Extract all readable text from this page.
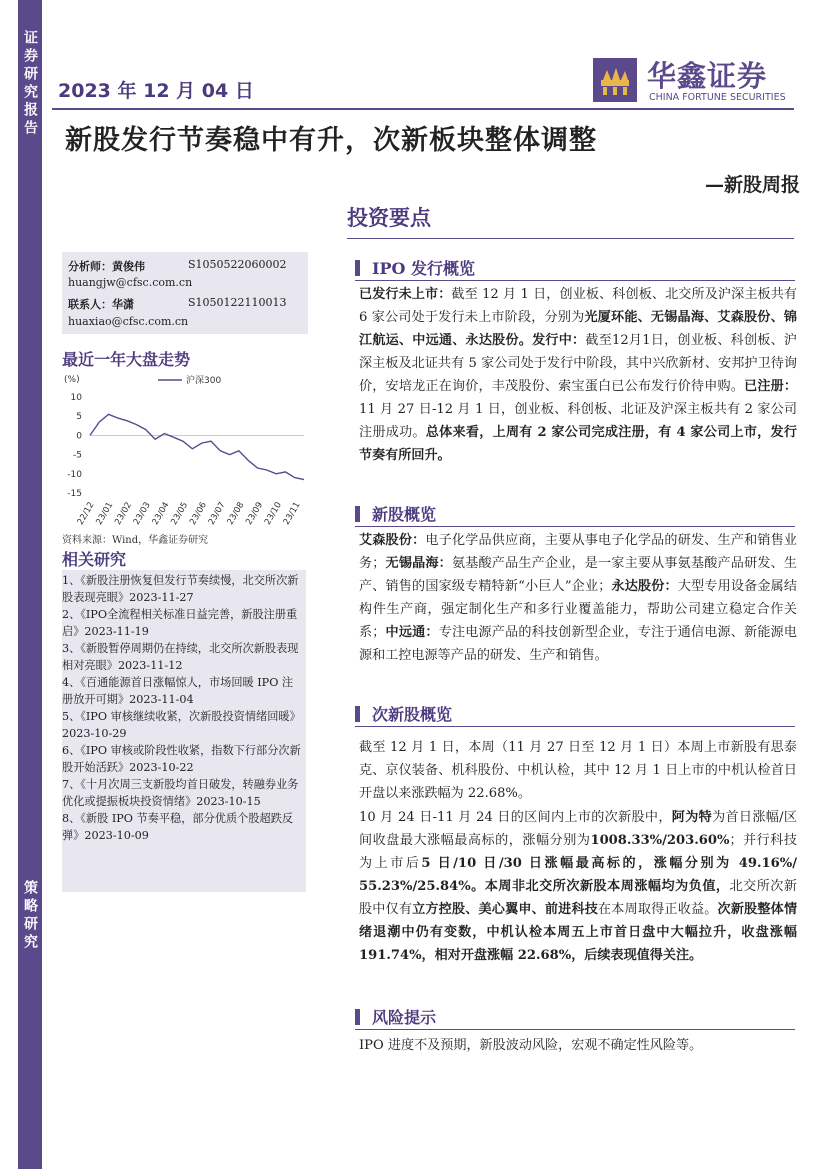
证券研究报告
策略研究
2023 年 12 月 04 日	华鑫证券
CHINA FORTUNE SECURITIES
新股发行节奏稳中有升，次新板块整体调整
—新股周报
投资要点
分析师：黄俊伟	S1050522060002
huangjw@cfsc.com.cn
联系人：华潇	S1050122110013
huaxiao@cfsc.com.cn
最近一年大盘走势
(%)	沪深300
10
5
0
-5
-10
-15
22/12
23/01
23/02
23/03
23/04
23/05
23/06
23/07
23/08
23/09
23/10
23/11
资料来源：Wind，华鑫证券研究
相关研究
1、《新股注册恢复但发行节奏续慢，北交所次新股表现亮眼》2023-11-27
2、《IPO全流程相关标准日益完善，新股注册重启》2023-11-19
3、《新股暂停周期仍在持续，北交所次新股表现相对亮眼》2023-11-12
4、《百通能源首日涨幅惊人，市场回暖 IPO 注册放开可期》2023-11-04
5、《IPO 审核继续收紧，次新股投资情绪回暖》2023-10-29
6、《IPO 审核或阶段性收紧，指数下行部分次新股开始活跃》2023-10-22
7、《十月次周三支新股均首日破发，转融券业务优化或提振板块投资情绪》2023-10-15
8、《新股 IPO 节奏平稳，部分优质个股超跌反弹》2023-10-09
IPO 发行概览
已发行未上市：截至 12 月 1 日，创业板、科创板、北交所及沪深主板共有 6 家公司处于发行未上市阶段，分别为光厦环能、无锡晶海、艾森股份、锦江航运、中远通、永达股份。发行中：截至12月1日，创业板、科创板、沪深主板及北证共有 5 家公司处于发行中阶段，其中兴欣新材、安邦护卫待询价，安培龙正在询价，丰茂股份、索宝蛋白已公布发行价待申购。已注册：11 月 27 日-12 月 1 日，创业板、科创板、北证及沪深主板共有 2 家公司注册成功。总体来看，上周有 2 家公司完成注册，有 4 家公司上市，发行节奏有所回升。
新股概览
艾森股份：电子化学品供应商，主要从事电子化学品的研发、生产和销售业务；无锡晶海：氨基酸产品生产企业，是一家主要从事氨基酸产品研发、生产、销售的国家级专精特新“小巨人”企业；永达股份：大型专用设备金属结构件生产商，强定制化生产和多行业覆盖能力，帮助公司建立稳定合作关系；中远通：专注电源产品的科技创新型企业，专注于通信电源、新能源电源和工控电源等产品的研发、生产和销售。
次新股概览
截至 12 月 1 日，本周（11 月 27 日至 12 月 1 日）本周上市新股有思泰克、京仪装备、机科股份、中机认检，其中 12 月 1 日上市的中机认检首日开盘以来涨跌幅为 22.68%。
10 月 24 日-11 月 24 日的区间内上市的次新股中，阿为特为首日涨幅/区间收盘最大涨幅最高标的，涨幅分别为1008.33%/203.60%；并行科技为上市后5 日/10 日/30 日涨幅最高标的，涨幅分别为 49.16%/ 55.23%/25.84%。本周非北交所次新股本周涨幅均为负值，北交所次新股中仅有立方控股、美心翼申、前进科技在本周取得正收益。次新股整体情绪退潮中仍有变数，中机认检本周五上市首日盘中大幅拉升，收盘涨幅 191.74%，相对开盘涨幅 22.68%，后续表现值得关注。
风险提示
IPO 进度不及预期，新股波动风险，宏观不确定性风险等。
